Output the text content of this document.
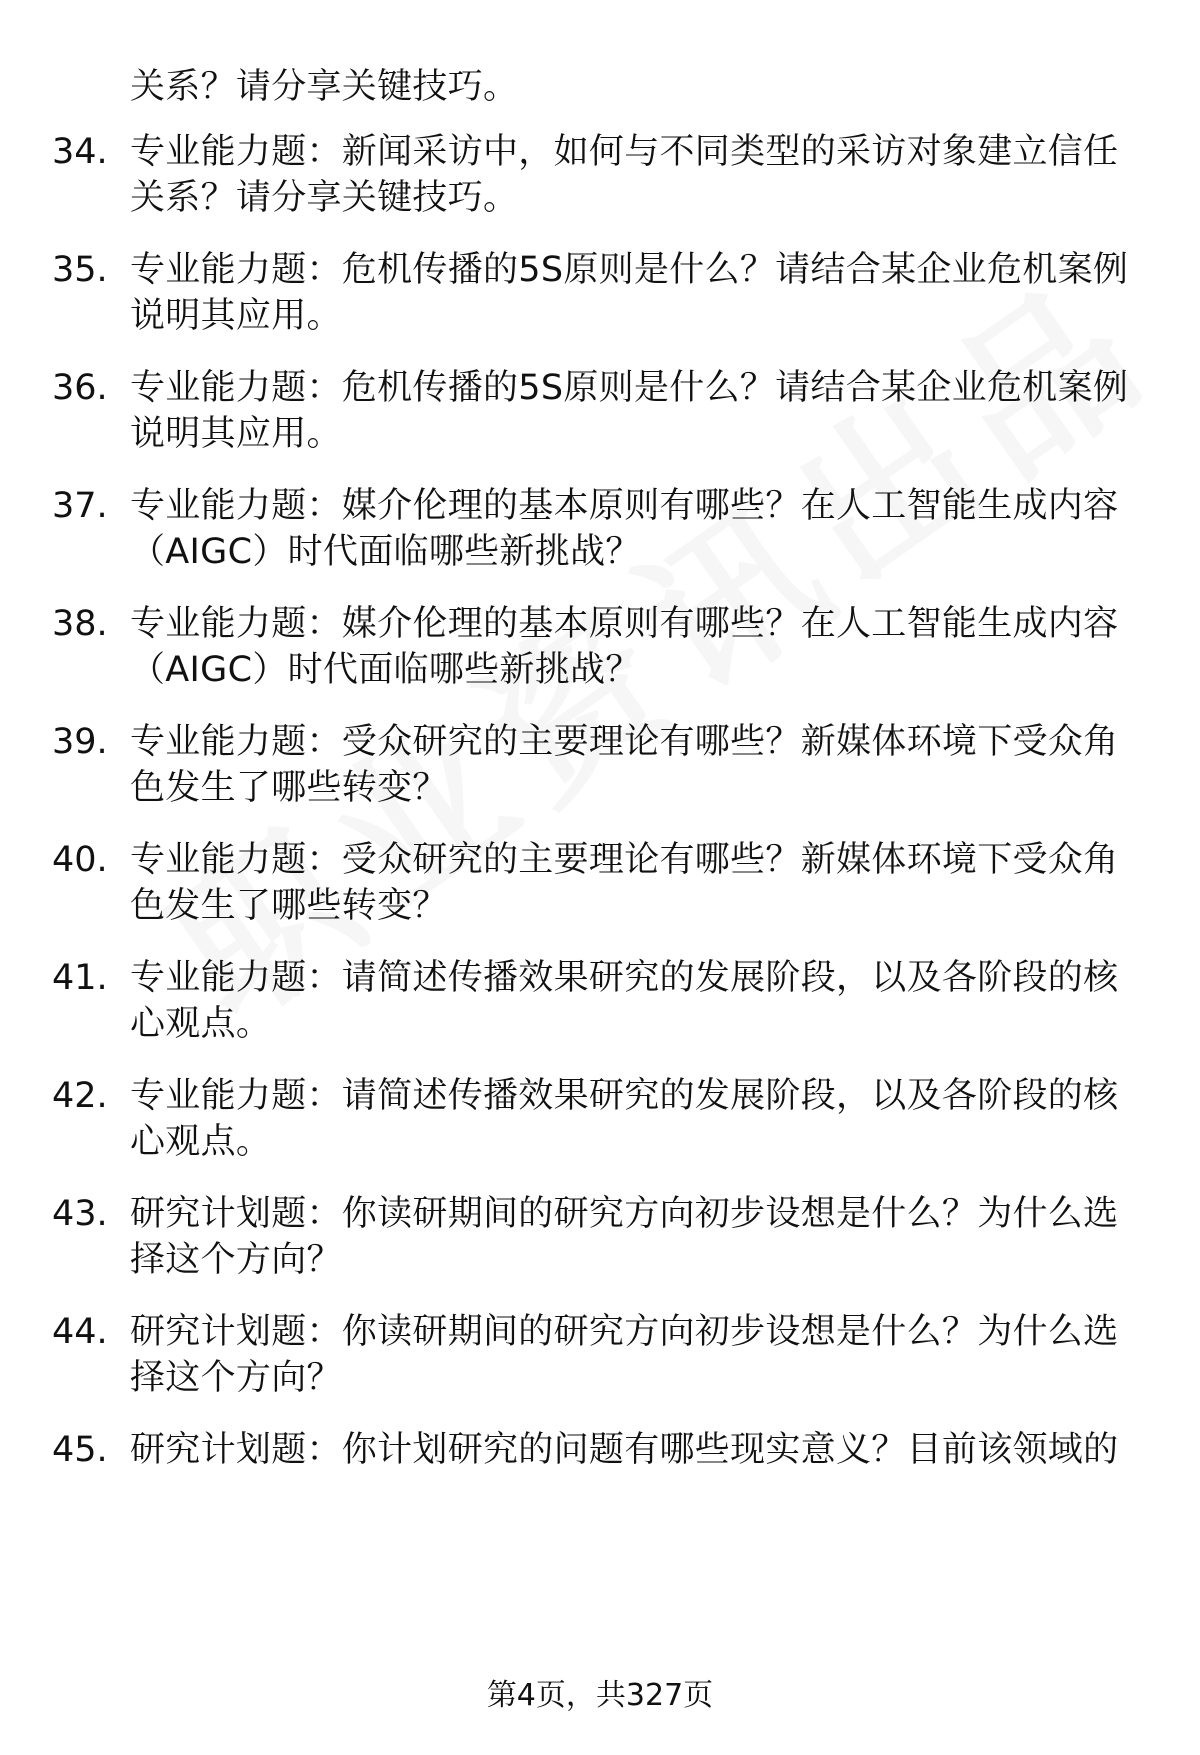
关系？请分享关键技巧。
34. 专业能力题：新闻采访中，如何与不同类型的采访对象建立信任关系？请分享关键技巧。
35. 专业能力题：危机传播的5S原则是什么？请结合某企业危机案例说明其应用。
36. 专业能力题：危机传播的5S原则是什么？请结合某企业危机案例说明其应用。
37. 专业能力题：媒介伦理的基本原则有哪些？在人工智能生成内容（AIGC）时代面临哪些新挑战？
38. 专业能力题：媒介伦理的基本原则有哪些？在人工智能生成内容（AIGC）时代面临哪些新挑战？
39. 专业能力题：受众研究的主要理论有哪些？新媒体环境下受众角色发生了哪些转变？
40. 专业能力题：受众研究的主要理论有哪些？新媒体环境下受众角色发生了哪些转变？
41. 专业能力题：请简述传播效果研究的发展阶段，以及各阶段的核心观点。
42. 专业能力题：请简述传播效果研究的发展阶段，以及各阶段的核心观点。
43. 研究计划题：你读研期间的研究方向初步设想是什么？为什么选择这个方向？
44. 研究计划题：你读研期间的研究方向初步设想是什么？为什么选择这个方向？
45. 研究计划题：你计划研究的问题有哪些现实意义？目前该领域的
第4页，共327页
